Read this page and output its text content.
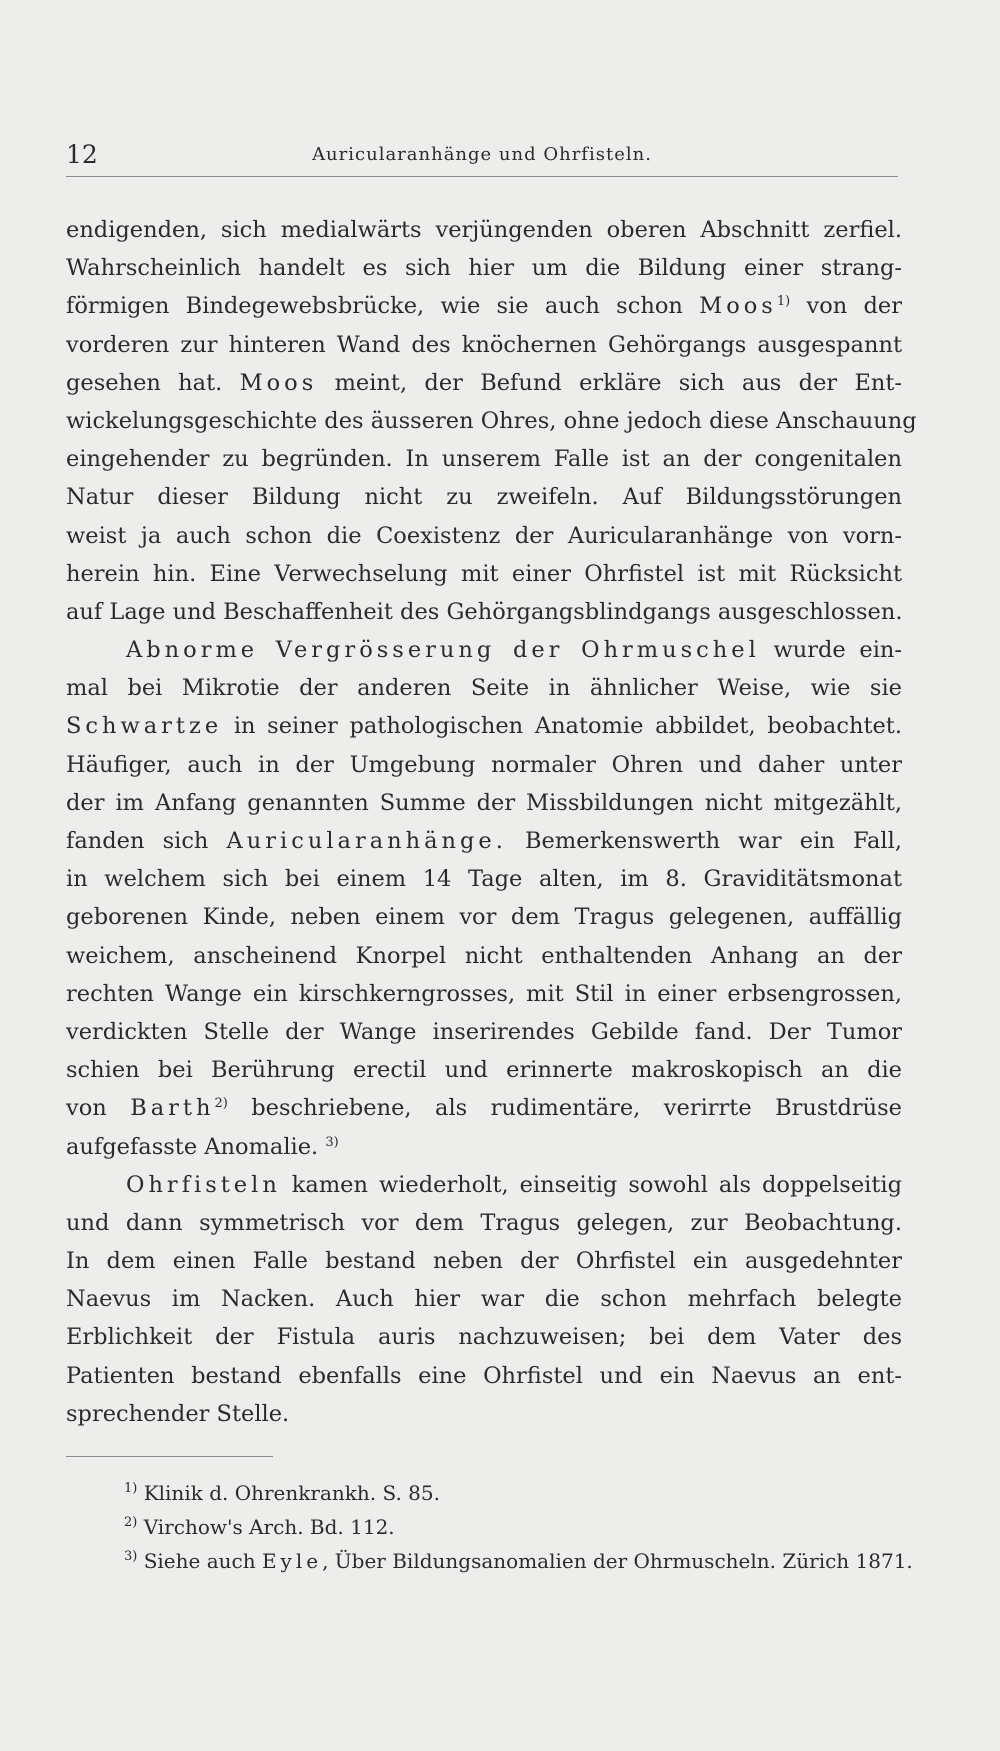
12	Auricularanhänge und Ohrfisteln.
endigenden, sich medialwärts verjüngenden oberen Abschnitt zerfiel.
Wahrscheinlich handelt es sich hier um die Bildung einer strang-
förmigen Bindegewebsbrücke, wie sie auch schon Moos$^{1)}$ von der
vorderen zur hinteren Wand des knöchernen Gehörgangs ausgespannt
gesehen hat. Moos meint, der Befund erkläre sich aus der Ent-
wickelungsgeschichte des äusseren Ohres, ohne jedoch diese Anschauung
eingehender zu begründen. In unserem Falle ist an der congenitalen
Natur dieser Bildung nicht zu zweifeln. Auf Bildungsstörungen
weist ja auch schon die Coexistenz der Auricularanhänge von vorn-
herein hin. Eine Verwechselung mit einer Ohrfistel ist mit Rücksicht
auf Lage und Beschaffenheit des Gehörgangsblindgangs ausgeschlossen.
Abnorme Vergrösserung der Ohrmuschel wurde ein-
mal bei Mikrotie der anderen Seite in ähnlicher Weise, wie sie
Schwartze in seiner pathologischen Anatomie abbildet, beobachtet.
Häufiger, auch in der Umgebung normaler Ohren und daher unter
der im Anfang genannten Summe der Missbildungen nicht mitgezählt,
fanden sich Auricularanhänge. Bemerkenswerth war ein Fall,
in welchem sich bei einem 14 Tage alten, im 8. Graviditätsmonat
geborenen Kinde, neben einem vor dem Tragus gelegenen, auffällig
weichem, anscheinend Knorpel nicht enthaltenden Anhang an der
rechten Wange ein kirschkerngrosses, mit Stil in einer erbsengrossen,
verdickten Stelle der Wange inserirendes Gebilde fand. Der Tumor
schien bei Berührung erectil und erinnerte makroskopisch an die
von Barth$^{2)}$ beschriebene, als rudimentäre, verirrte Brustdrüse
aufgefasste Anomalie. $^{3)}$
Ohrfisteln kamen wiederholt, einseitig sowohl als doppelseitig
und dann symmetrisch vor dem Tragus gelegen, zur Beobachtung.
In dem einen Falle bestand neben der Ohrfistel ein ausgedehnter
Naevus im Nacken. Auch hier war die schon mehrfach belegte
Erblichkeit der Fistula auris nachzuweisen; bei dem Vater des
Patienten bestand ebenfalls eine Ohrfistel und ein Naevus an ent-
sprechender Stelle.
$^{1)}$ Klinik d. Ohrenkrankh. S. 85.
$^{2)}$ Virchow's Arch. Bd. 112.
$^{3)}$ Siehe auch Eyle, Über Bildungsanomalien der Ohrmuscheln. Zürich 1871.
